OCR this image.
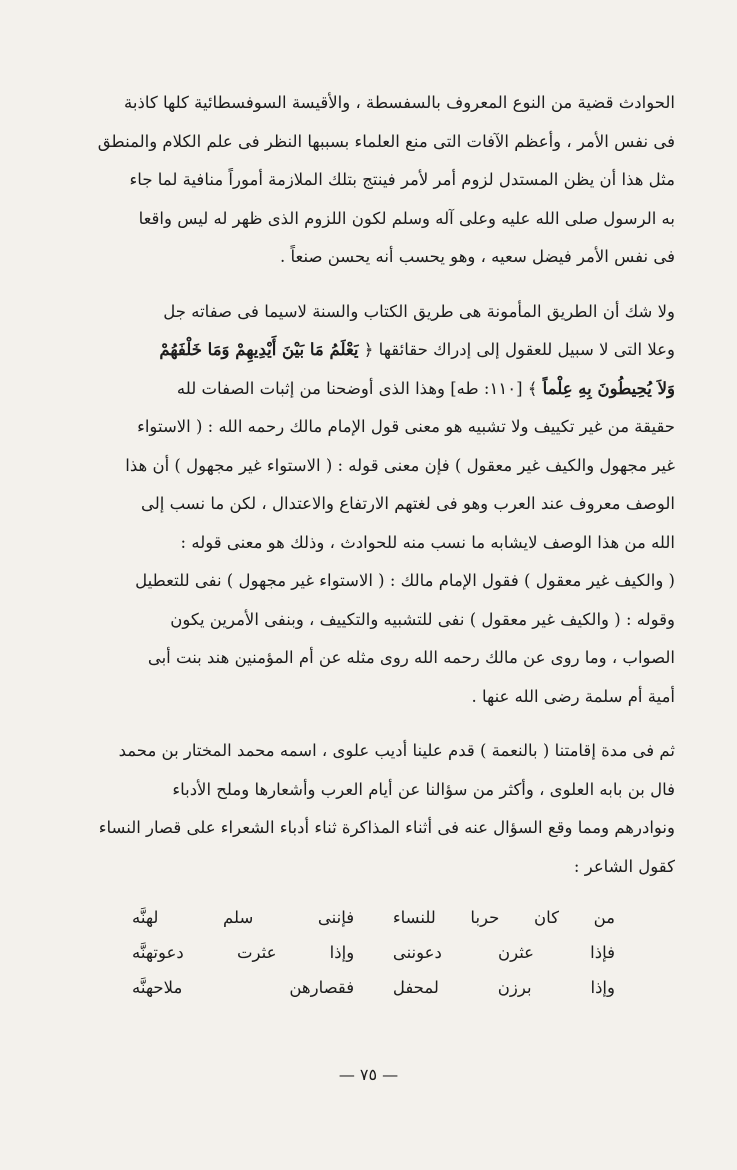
الحوادث قضية من النوع المعروف بالسفسطة ، والأقيسة السوفسطائية كلها كاذبة
فى نفس الأمر ، وأعظم الآفات التى منع العلماء بسببها النظر فى علم الكلام والمنطق
مثل هذا أن يظن المستدل لزوم أمر لأمر فينتج بتلك الملازمة أموراً منافية لما جاء
به الرسول صلى الله عليه وعلى آله وسلم لكون اللزوم الذى ظهر له ليس واقعا
فى نفس الأمر فيضل سعيه ، وهو يحسب أنه يحسن صنعاً .
ولا شك أن الطريق المأمونة هى طريق الكتاب والسنة لاسيما فى صفاته جل
وعلا التى لا سبيل للعقول إلى إدراك حقائقها ﴿ يَعْلَمُ مَا بَيْنَ أَيْدِيهِمْ وَمَا خَلْفَهُمْ
وَلاَ يُحِيطُونَ بِهِ عِلْماً ﴾ [١١٠: طه] وهذا الذى أوضحنا من إثبات الصفات لله
حقيقة من غير تكييف ولا تشبيه هو معنى قول الإمام مالك رحمه الله : ( الاستواء
غير مجهول والكيف غير معقول ) فإن معنى قوله : ( الاستواء غير مجهول ) أن هذا
الوصف معروف عند العرب وهو فى لغتهم الارتفاع والاعتدال ، لكن ما نسب إلى
الله من هذا الوصف لايشابه ما نسب منه للحوادث ، وذلك هو معنى قوله :
( والكيف غير معقول ) فقول الإمام مالك : ( الاستواء غير مجهول ) نفى للتعطيل
وقوله : ( والكيف غير معقول ) نفى للتشبيه والتكييف ، وبنفى الأمرين يكون
الصواب ، وما روى عن مالك رحمه الله روى مثله عن أم المؤمنين هند بنت أبى
أمية أم سلمة رضى الله عنها .
ثم فى مدة إقامتنا ( بالنعمة ) قدم علينا أديب علوى ، اسمه محمد المختار بن محمد
فال بن بابه العلوى ، وأكثر من سؤالنا عن أيام العرب وأشعارها وملح الأدباء
ونوادرهم ومما وقع السؤال عنه فى أثناء المذاكرة ثناء أدباء الشعراء على قصار النساء
كقول الشاعر :
من كان حربا للنساء
فإننى سلم لهنَّه
فإذا عثرن دعوننى
وإذا عثرت دعوتهنَّه
وإذا برزن لمحفل
فقصارهن ملاحهنَّه
— ٧٥ —
